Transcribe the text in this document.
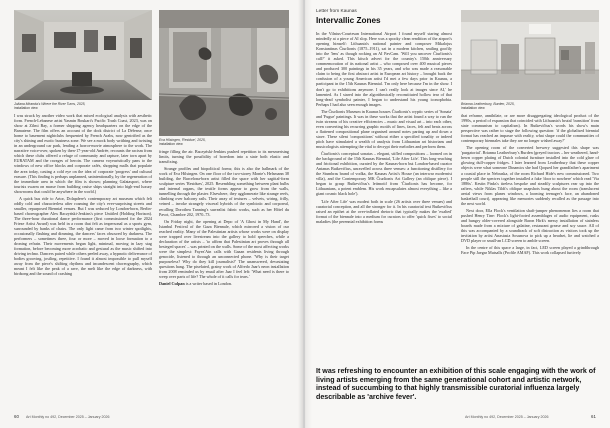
Juliana Miranda's Where the River Turns, 2025,
installation view
Eva Hilsingen, 'Residue', 2025,
installation view

I was struck by another video work that mixed ecological analysis with aesthetic form. French-Lebanese artist Yasmin Boukari's Pacific Trash Coast, 2023, was on show at Zilmi Bay, a former shipping agency headquarters on the edge of the Bamatene. The film offers an account of the dock district of La Défense, once home to basement nightclubs frequented by French Arabs, now gentrified as the city's shining and exotic business zone. We see a mock body writhing and twisting in an underground car park, lending a horror-movie atmosphere to the work. The narrative voice-over, spoken by then-17-year-old Andrée, recounts the racism from which these clubs offered a refuge of community and rapture, later torn apart by EURATAM and the ravages of heroin. The camera voyeuristically pans to the windows of new office blocks and corporate cafés, shopping malls that populate the area today, casting a cold eye on the idea of corporate 'progress' and cultural erasure. (This finding is perhaps unplanned, unintentionally, by the regeneration of the immediate area in which the film is shown; planning Galatasport, where tourists swarm on masse from building cruise ships straight into high-end luxury showrooms that could be anywhere in the world.)

A quick bus ride to Artor, Dolapdere's contemporary art museum which felt oddly cold and characterless after roaming the city's ever-surprising streets and smaller, repurposed Biennial venues. But I was seduced by London-born, Berlin-based choreographer Alex Baczyński-Jenkins's piece Untitled (Holding Horizon). The three-hour durational dance performance (first commissioned for the 2024 Frieze Artist Award) was held in a room that felt as impersonal as a sports gym, surrounded by banks of chairs. The only light came from two winter spotlights, occasionally flashing and dimming, the dancers' faces obscured by darkness. The performers – sometimes three, four or more – moved in loose formation to a droning refrain. Their movements began light, minimal, moving in lazy stag formation, before becoming more acrobatic and gestural as the music shifted into driving techno. Dancers paired while others peeled away, a hypnotic deliverance of bodies grooving, jostling, repetitive. I found it almost impossible to pull myself away from the piece's shifting rhythms and incandescent choreography, which meant I felt like the peak of a rave, the melt like the edge of darkness, with birdsong and the sound of crashing

fringe filling the air. Baczyński-Jenkins pushed repetition to its mesmerising limits, turning the possibility of boredom into a state both elastic and transfixing.

Strange profiles and biopolitical forms; this is also the hallmark of the work of Eva Hilsingen. On one floor of the two-storey Monte's Helsmann 38 building, the Barcelona-born artist filled the space with her sagittal-form sculpture series 'Residues', 2025. Resembling something between plant bulbs and internal organs, the textile forms appear to grow from the walls, tunnelling through the plaster. Elsewhere, they agglomerate like strange reefs, climbing over balcony rails. Their array of textures – velvets, wiring, frilly, veined – invoke strangely visceral hybrids of the symbiotic and corporeal, recalling Dorothea Tanning's surrealist fabric works, such as her Hôtel du Pavot, Chambre 202, 1970–73.

On Friday night, the opening at Depo of 'A Ghost in My Hand', the Istanbul Festival of the Gaza Biennale, which mirrored a vision of our reached reality. Many of the Palestinian artists whose works were on display were trapped over livestream into the gallery to hold speeches, while a declaration of the artists – 'to affirm that Palestinian art proves through all besieged spaces' – was printed on the walls. Some of the most affecting works were the simplest: Fayez'Ain calls with Gazan residents living through genocide, listened to through an unconnected phone. 'Why is their target purposeless? Why do they kill journalists?' The unanswered, devastating questions hang. The pixelated, grainy work of Alfredo Jaar's neon installation from 2008 reminded us by email after Jaar I feel left: 'What need is there to weep over parts of life? The whole of it calls for tears.'

Daniel Culpan is a writer based in London.

60 Art Monthly no 492, December 2025 – January 2026
Letter from Kaunas
Intervallic Zones

In the Vilnius-Courtesan International Airport I found myself staring almost mindedly at a piece of AI slop. Here was a spooky clean rendition of the airport's opening himself: Lithuania's national painter and composer Mikalojus Konstantinas Čiurlionis (1875–1911), sat in a modern kitchen, smiling goofily into the 'lens' as though rocking an AI PavCam. 'Will you uncover Čiurlionis's call?' it asked. This kitsch advert for the country's 150th anniversary commemoration of its national artist – who composed over 400 musical pieces and produced 300 paintings in his 35 years, and who was made a reasonable claim to being the first abstract artist in European art history – brought back the confusion of a young American artist I'd met a few days prior in Kaunas, a participant in the 15th Kaunas Biennial. 'I'm only here because I'm in the show. I don't go to exhibitions anymore. I can't really look at images since AI,' he lamented. As I stared into the algorithmically reconstituted hollow tear of that long-dead symbolist painter, I began to understand his young iconophobia. Perhaps I had also seen enough images.

The Čiurlionis Museum in Kaunas houses Čiurlionis's cryptic series of 'Sonata' and 'Fugue' paintings. It was in these works that the artist found a way to run the twin streams of his creative efficiencies – music and visual art – into each other, even converting his recurring graphic motifs of lines, faces, felt and beats across a flattened compositional plane organised around notes parting up and down a stave. These silent 'compositions' without either a specified tonality or indeed pitch have stimulated a wealth of analysis from Lithuanian art historians and musicologists attempting the vital to decrypt their melodies and perform them.

Čiurlionis's conceptual sonatas – elegant, stifled compositions – loomed on in the background of the 15th Kaunas Biennial, 'Life After Life'. This long-reaching and frictional exhibition, curated by the Kaunas-born but London-based curator Antanas Butkevičius, unravelled across three venues: a functioning distillery for the Stumbras brand of vodka, the Kaunas Artist's House (an interwar modernist villa), and the Contemporary MK Čiurlionis Art Gallery (an oblique piece). I began to grasp Butkevičius's leitmotif from 'Čiurlionis has become, for Lithuanians, a potent emblem. His work encapsulates almost everything – like a giant cosmic black hole').

'Life After Life' was modest both in scale (26 artists over three venues) and curatorial conception, and all the stronger for it. In his curatorial text Butkevičius raised an epithet at the over-inflated rhetoric that typically makes the 'exalted' format of the biennale into a medium for curators to offer 'quick fixes' to social maladies (the perennial exhibition forms

Brianna Leatherbury, Burden, 2025,
installation view

that reframe, annihilate, or are more disaggregating ideological product of the 1990s, a period of expansion that coincided with Lithuania's brutal 'transition' from state communism to capitalism). In Butkevičius's words his show's main perspective was rather to stage the following question: 'if the globalised biennial format has reached an impasse with reality, what shape could the communities of contemporary biennales take they are no longer wished away?'

The opening room of the converted brewery suggested this shape was 'purgatorial'. Brianna Leatherbury's Burden (greyed tractors – her weathered, hand-hewn copper plating of Dutch colonial furniture installed into the cold glare of glowing dull-copper fridges. I later learned from Leatherbury that these copper objects were what someone Dinamics she had Qoqued her grandfather's apartment a coastal place in Nebraska, of the room Richard Hide's new commissioned. Two people still the spectres together installed a fake 'door to nowhere' which read 'Via 1886s'. Kestin Pinks's tireless bespoke and steadily sculptures rear up into the rafters, while Niklas Tildt's oblique snapshots hung about the room (translucent aerial views from planes windows, a looming teenager's face, an abandoned basketball court), appearing like memories suddenly recalled as the passage into the next world.

Next door, Ella Flock's ventilation shaft-jumper phenomenon lies a room that pushed Henry Tine: Flock's light-footed assemblages of audio equipment, rusks and hungry older-covered alongside Baron Hirk's messy installation of stainless boards made from a mixture of galatine, restaurant grease and soy sauce. All of this was accompanied by a soundtrack of soft distraction as visitors took up the invitation by artist Anastasia Sosunova to pick up a headset, lie and watched a DVD player or small-an LCD screen to amble screen.

In the centre of this space a large, in fact, LED screen played a grindthrough Face Pip Jaegar Mutsalls (Profile AMAF). This work collapsed furtively

It was refreshing to encounter an exhibition of this scale engaging with the work of living artists emerging from the same generational cohort and artistic network, instead of succumbing to that highly transmissible curatorial influenza largely describable as 'archive fever'.
Art Monthly no 492, December 2025 – January 2026	61
